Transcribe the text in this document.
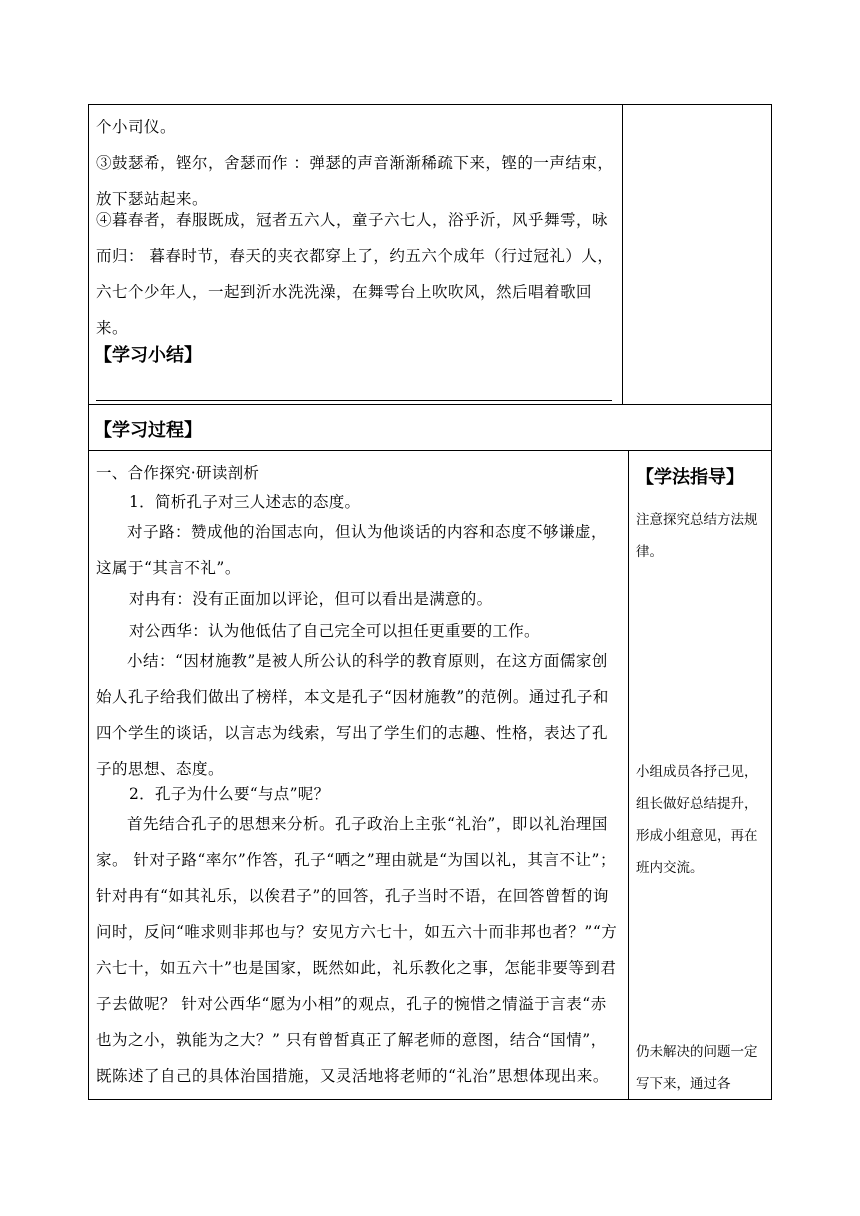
个小司仪。
③鼓瑟希，铿尔，舍瑟而作 ：弹瑟的声音渐渐稀疏下来，铿的一声结束，放下瑟站起来。
④暮春者，春服既成，冠者五六人，童子六七人，浴乎沂，风乎舞雩，咏而归： 暮春时节，春天的夹衣都穿上了，约五六个成年（行过冠礼）人，六七个少年人，一起到沂水洗洗澡，在舞雩台上吹吹风，然后唱着歌回来。
【学习小结】
【学习过程】
一、合作探究·研读剖析
1．简析孔子对三人述志的态度。
对子路：赞成他的治国志向，但认为他谈话的内容和态度不够谦虚，这属于“其言不礼”。
对冉有：没有正面加以评论，但可以看出是满意的。
对公西华：认为他低估了自己完全可以担任更重要的工作。
小结：“因材施教”是被人所公认的科学的教育原则，在这方面儒家创始人孔子给我们做出了榜样，本文是孔子“因材施教”的范例。通过孔子和四个学生的谈话，以言志为线索，写出了学生们的志趣、性格，表达了孔子的思想、态度。
2．孔子为什么要“与点”呢？
首先结合孔子的思想来分析。孔子政治上主张“礼治”，即以礼治理国家。 针对子路“率尔”作答，孔子“哂之”理由就是“为国以礼，其言不让”； 针对冉有“如其礼乐，以俟君子”的回答，孔子当时不语，在回答曾皙的询问时，反问“唯求则非邦也与？安见方六七十，如五六十而非邦也者？”“方六七十，如五六十”也是国家，既然如此，礼乐教化之事，怎能非要等到君子去做呢？ 针对公西华“愿为小相”的观点，孔子的惋惜之情溢于言表“赤也为之小，孰能为之大？” 只有曾皙真正了解老师的意图，结合“国情”，既陈述了自己的具体治国措施，又灵活地将老师的“礼治”思想体现出来。
【学法指导】
注意探究总结方法规律。
小组成员各抒己见，组长做好总结提升，形成小组意见，再在班内交流。
仍未解决的问题一定写下来，通过各
